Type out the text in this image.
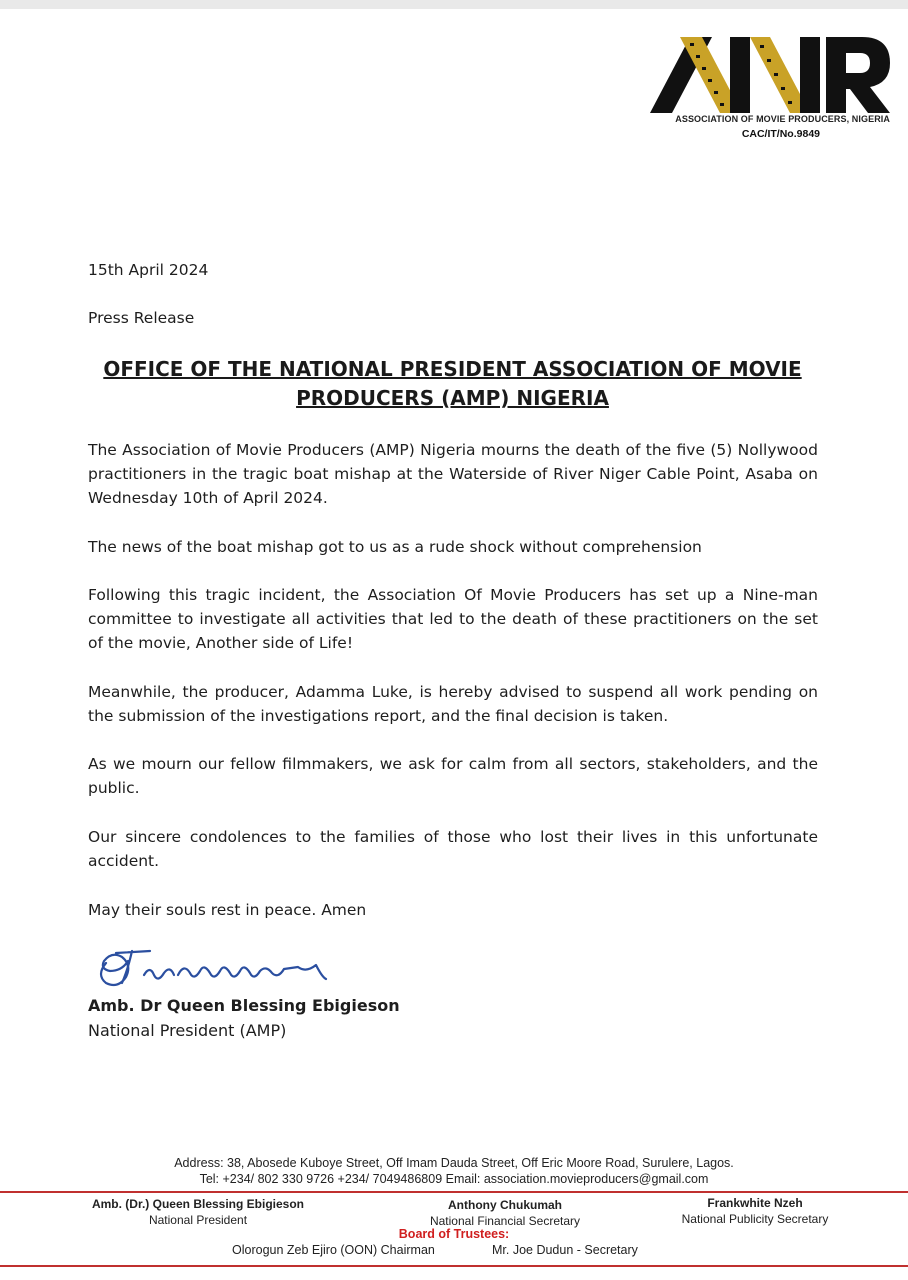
ASSOCIATION OF MOVIE PRODUCERS, NIGERIA
CAC/IT/No.9849
15th April 2024
Press Release
OFFICE OF THE NATIONAL PRESIDENT ASSOCIATION OF MOVIE
PRODUCERS (AMP) NIGERIA

The Association of Movie Producers (AMP) Nigeria mourns the death of the five (5) Nollywood practitioners in the tragic boat mishap at the Waterside of River Niger Cable Point, Asaba on Wednesday 10th of April 2024.

The news of the boat mishap got to us as a rude shock without comprehension

Following this tragic incident, the Association Of Movie Producers has set up a Nine-man committee to investigate all activities that led to the death of these practitioners on the set of the movie, Another side of Life!

Meanwhile, the producer, Adamma Luke, is hereby advised to suspend all work pending on the submission of the investigations report, and the final decision is taken.

As we mourn our fellow filmmakers, we ask for calm from all sectors, stakeholders, and the public.

Our sincere condolences to the families of those who lost their lives in this unfortunate accident.

May their souls rest in peace. Amen

Amb. Dr Queen Blessing Ebigieson
National President (AMP)
Address: 38, Abosede Kuboye Street, Off Imam Dauda Street, Off Eric Moore Road, Surulere, Lagos.
Tel: +234/ 802 330 9726 +234/ 7049486809 Email: association.movieproducers@gmail.com
Amb. (Dr.) Queen Blessing Ebigieson
National President
Anthony Chukumah
National Financial Secretary
Frankwhite Nzeh
National Publicity Secretary
Board of Trustees:
Olorogun Zeb Ejiro (OON) Chairman	Mr. Joe Dudun - Secretary
